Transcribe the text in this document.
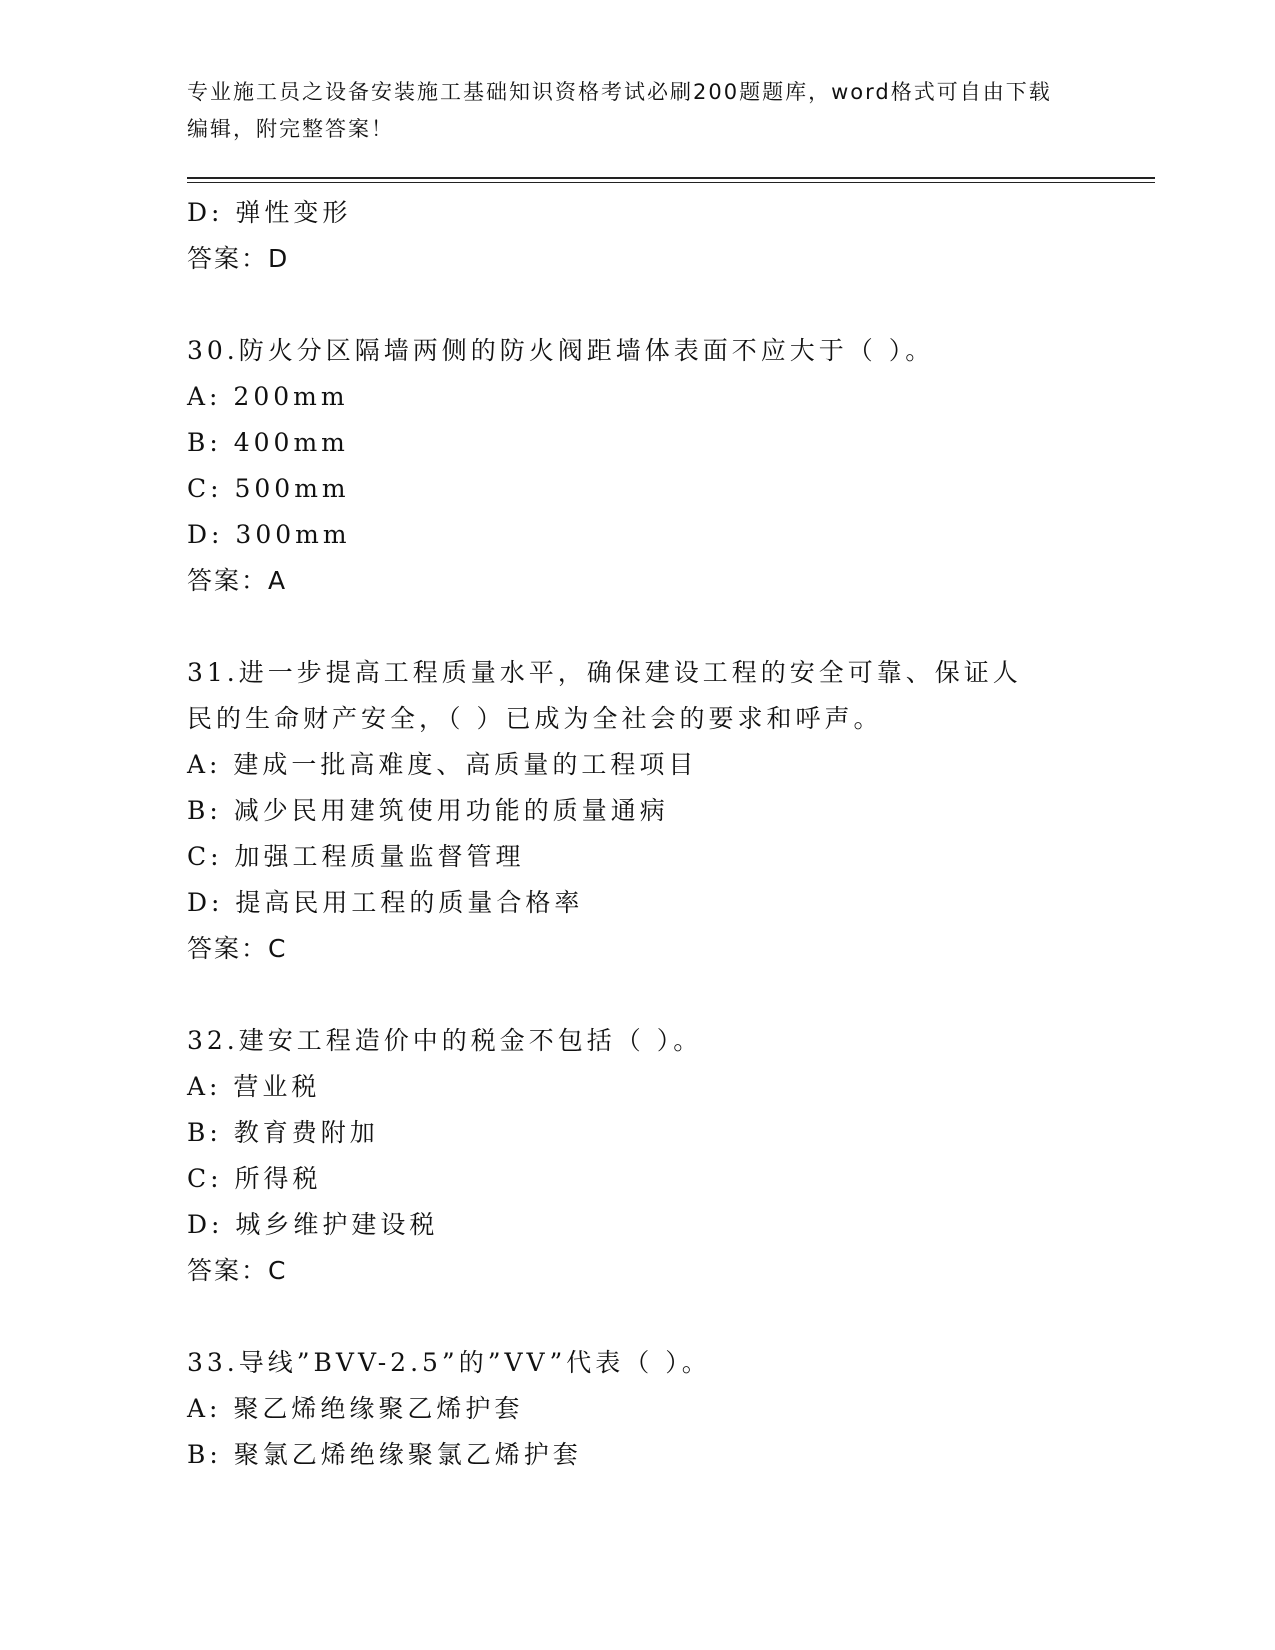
专业施工员之设备安装施工基础知识资格考试必刷200题题库，word格式可自由下载编辑，附完整答案！
D: 弹性变形
答案：D
30.防火分区隔墙两侧的防火阀距墙体表面不应大于（ ）。
A: 200mm
B: 400mm
C: 500mm
D: 300mm
答案：A
31.进一步提高工程质量水平，确保建设工程的安全可靠、保证人民的生命财产安全，（ ）已成为全社会的要求和呼声。
A: 建成一批高难度、高质量的工程项目
B: 减少民用建筑使用功能的质量通病
C: 加强工程质量监督管理
D: 提高民用工程的质量合格率
答案：C
32.建安工程造价中的税金不包括（ ）。
A: 营业税
B: 教育费附加
C: 所得税
D: 城乡维护建设税
答案：C
33.导线”BVV-2.5”的”VV”代表（ ）。
A: 聚乙烯绝缘聚乙烯护套
B: 聚氯乙烯绝缘聚氯乙烯护套
